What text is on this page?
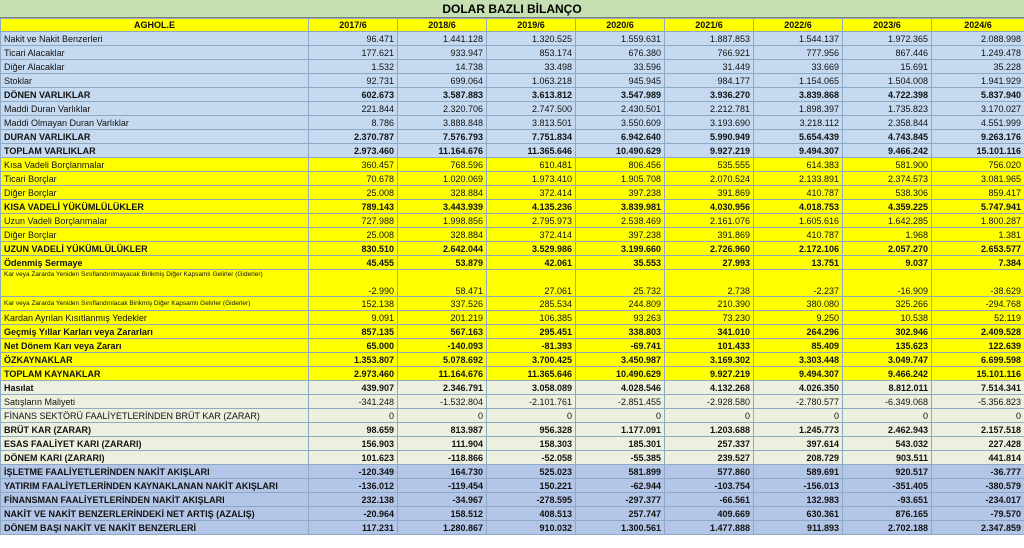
DOLAR BAZLI BİLANÇO
AGHOL.E	2017/6	2018/6	2019/6	2020/6	2021/6	2022/6	2023/6	2024/6
Nakit ve Nakit Benzerleri	96.471	1.441.128	1.320.525	1.559.631	1.887.853	1.544.137	1.972.365	2.088.998
Ticari Alacaklar	177.621	933.947	853.174	676.380	766.921	777.956	867.446	1.249.478
Diğer Alacaklar	1.532	14.738	33.498	33.596	31.449	33.669	15.691	35.228
Stoklar	92.731	699.064	1.063.218	945.945	984.177	1.154.065	1.504.008	1.941.929
DÖNEN VARLIKLAR	602.673	3.587.883	3.613.812	3.547.989	3.936.270	3.839.868	4.722.398	5.837.940
Maddi Duran Varlıklar	221.844	2.320.706	2.747.500	2.430.501	2.212.781	1.898.397	1.735.823	3.170.027
Maddi Olmayan Duran Varlıklar	8.786	3.888.848	3.813.501	3.550.609	3.193.690	3.218.112	2.358.844	4.551.999
DURAN VARLIKLAR	2.370.787	7.576.793	7.751.834	6.942.640	5.990.949	5.654.439	4.743.845	9.263.176
TOPLAM VARLIKLAR	2.973.460	11.164.676	11.365.646	10.490.629	9.927.219	9.494.307	9.466.242	15.101.116
Kısa Vadeli Borçlanmalar	360.457	768.596	610.481	806.456	535.555	614.383	581.900	756.020
Ticari Borçlar	70.678	1.020.069	1.973.410	1.905.708	2.070.524	2.133.891	2.374.573	3.081.965
Diğer Borçlar	25.008	328.884	372.414	397.238	391.869	410.787	538.306	859.417
KISA VADELİ YÜKÜMLÜLÜKLER	789.143	3.443.939	4.135.236	3.839.981	4.030.956	4.018.753	4.359.225	5.747.941
Uzun Vadeli Borçlanmalar	727.988	1.998.856	2.795.973	2.538.469	2.161.076	1.605.616	1.642.285	1.800.287
Diğer Borçlar	25.008	328.884	372.414	397.238	391.869	410.787	1.968	1.381
UZUN VADELİ YÜKÜMLÜLÜKLER	830.510	2.642.044	3.529.986	3.199.660	2.726.960	2.172.106	2.057.270	2.653.577
Ödenmiş Sermaye	45.455	53.879	42.061	35.553	27.993	13.751	9.037	7.384
Kar veya Zararda Yeniden Sınıflandırılmayacak Birikmiş Diğer Kapsamlı Gelirler (Giderler)	-2.990	58.471	27.061	25.732	2.738	-2.237	-16.909	-38.629
Kar veya Zararda Yeniden Sınıflandırılacak Birikmiş Diğer Kapsamlı Gelirler (Giderler)	152.138	337.526	285.534	244.809	210.390	380.080	325.266	-294.768
Kardan Ayrılan Kısıtlanmış Yedekler	9.091	201.219	106.385	93.263	73.230	9.250	10.538	52.119
Geçmiş Yıllar Karları veya Zararları	857.135	567.163	295.451	338.803	341.010	264.296	302.946	2.409.528
Net Dönem Karı veya Zararı	65.000	-140.093	-81.393	-69.741	101.433	85.409	135.623	122.639
ÖZKAYNAKLAR	1.353.807	5.078.692	3.700.425	3.450.987	3.169.302	3.303.448	3.049.747	6.699.598
TOPLAM KAYNAKLAR	2.973.460	11.164.676	11.365.646	10.490.629	9.927.219	9.494.307	9.466.242	15.101.116
Hasılat	439.907	2.346.791	3.058.089	4.028.546	4.132.268	4.026.350	8.812.011	7.514.341
Satışların Maliyeti	-341.248	-1.532.804	-2.101.761	-2.851.455	-2.928.580	-2.780.577	-6.349.068	-5.356.823
FİNANS SEKTÖRÜ FAALİYETLERİNDEN BRÜT KAR (ZARAR)	0	0	0	0	0	0	0	0
BRÜT KAR (ZARAR)	98.659	813.987	956.328	1.177.091	1.203.688	1.245.773	2.462.943	2.157.518
ESAS FAALİYET KARI (ZARARI)	156.903	111.904	158.303	185.301	257.337	397.614	543.032	227.428
DÖNEM KARI (ZARARI)	101.623	-118.866	-52.058	-55.385	239.527	208.729	903.511	441.814
İŞLETME FAALİYETLERİNDEN NAKİT AKIŞLARI	-120.349	164.730	525.023	581.899	577.860	589.691	920.517	-36.777
YATIRIM FAALİYETLERİNDEN KAYNAKLANAN NAKİT AKIŞLARI	-136.012	-119.454	150.221	-62.944	-103.754	-156.013	-351.405	-380.579
FİNANSMAN FAALİYETLERİNDEN NAKİT AKIŞLARI	232.138	-34.967	-278.595	-297.377	-66.561	132.983	-93.651	-234.017
NAKİT VE NAKİT BENZERLERİNDEKİ NET ARTIŞ (AZALIŞ)	-20.964	158.512	408.513	257.747	409.669	630.361	876.165	-79.570
DÖNEM BAŞI NAKİT VE NAKİT BENZERLERİ	117.231	1.280.867	910.032	1.300.561	1.477.888	911.893	2.702.188	2.347.859
